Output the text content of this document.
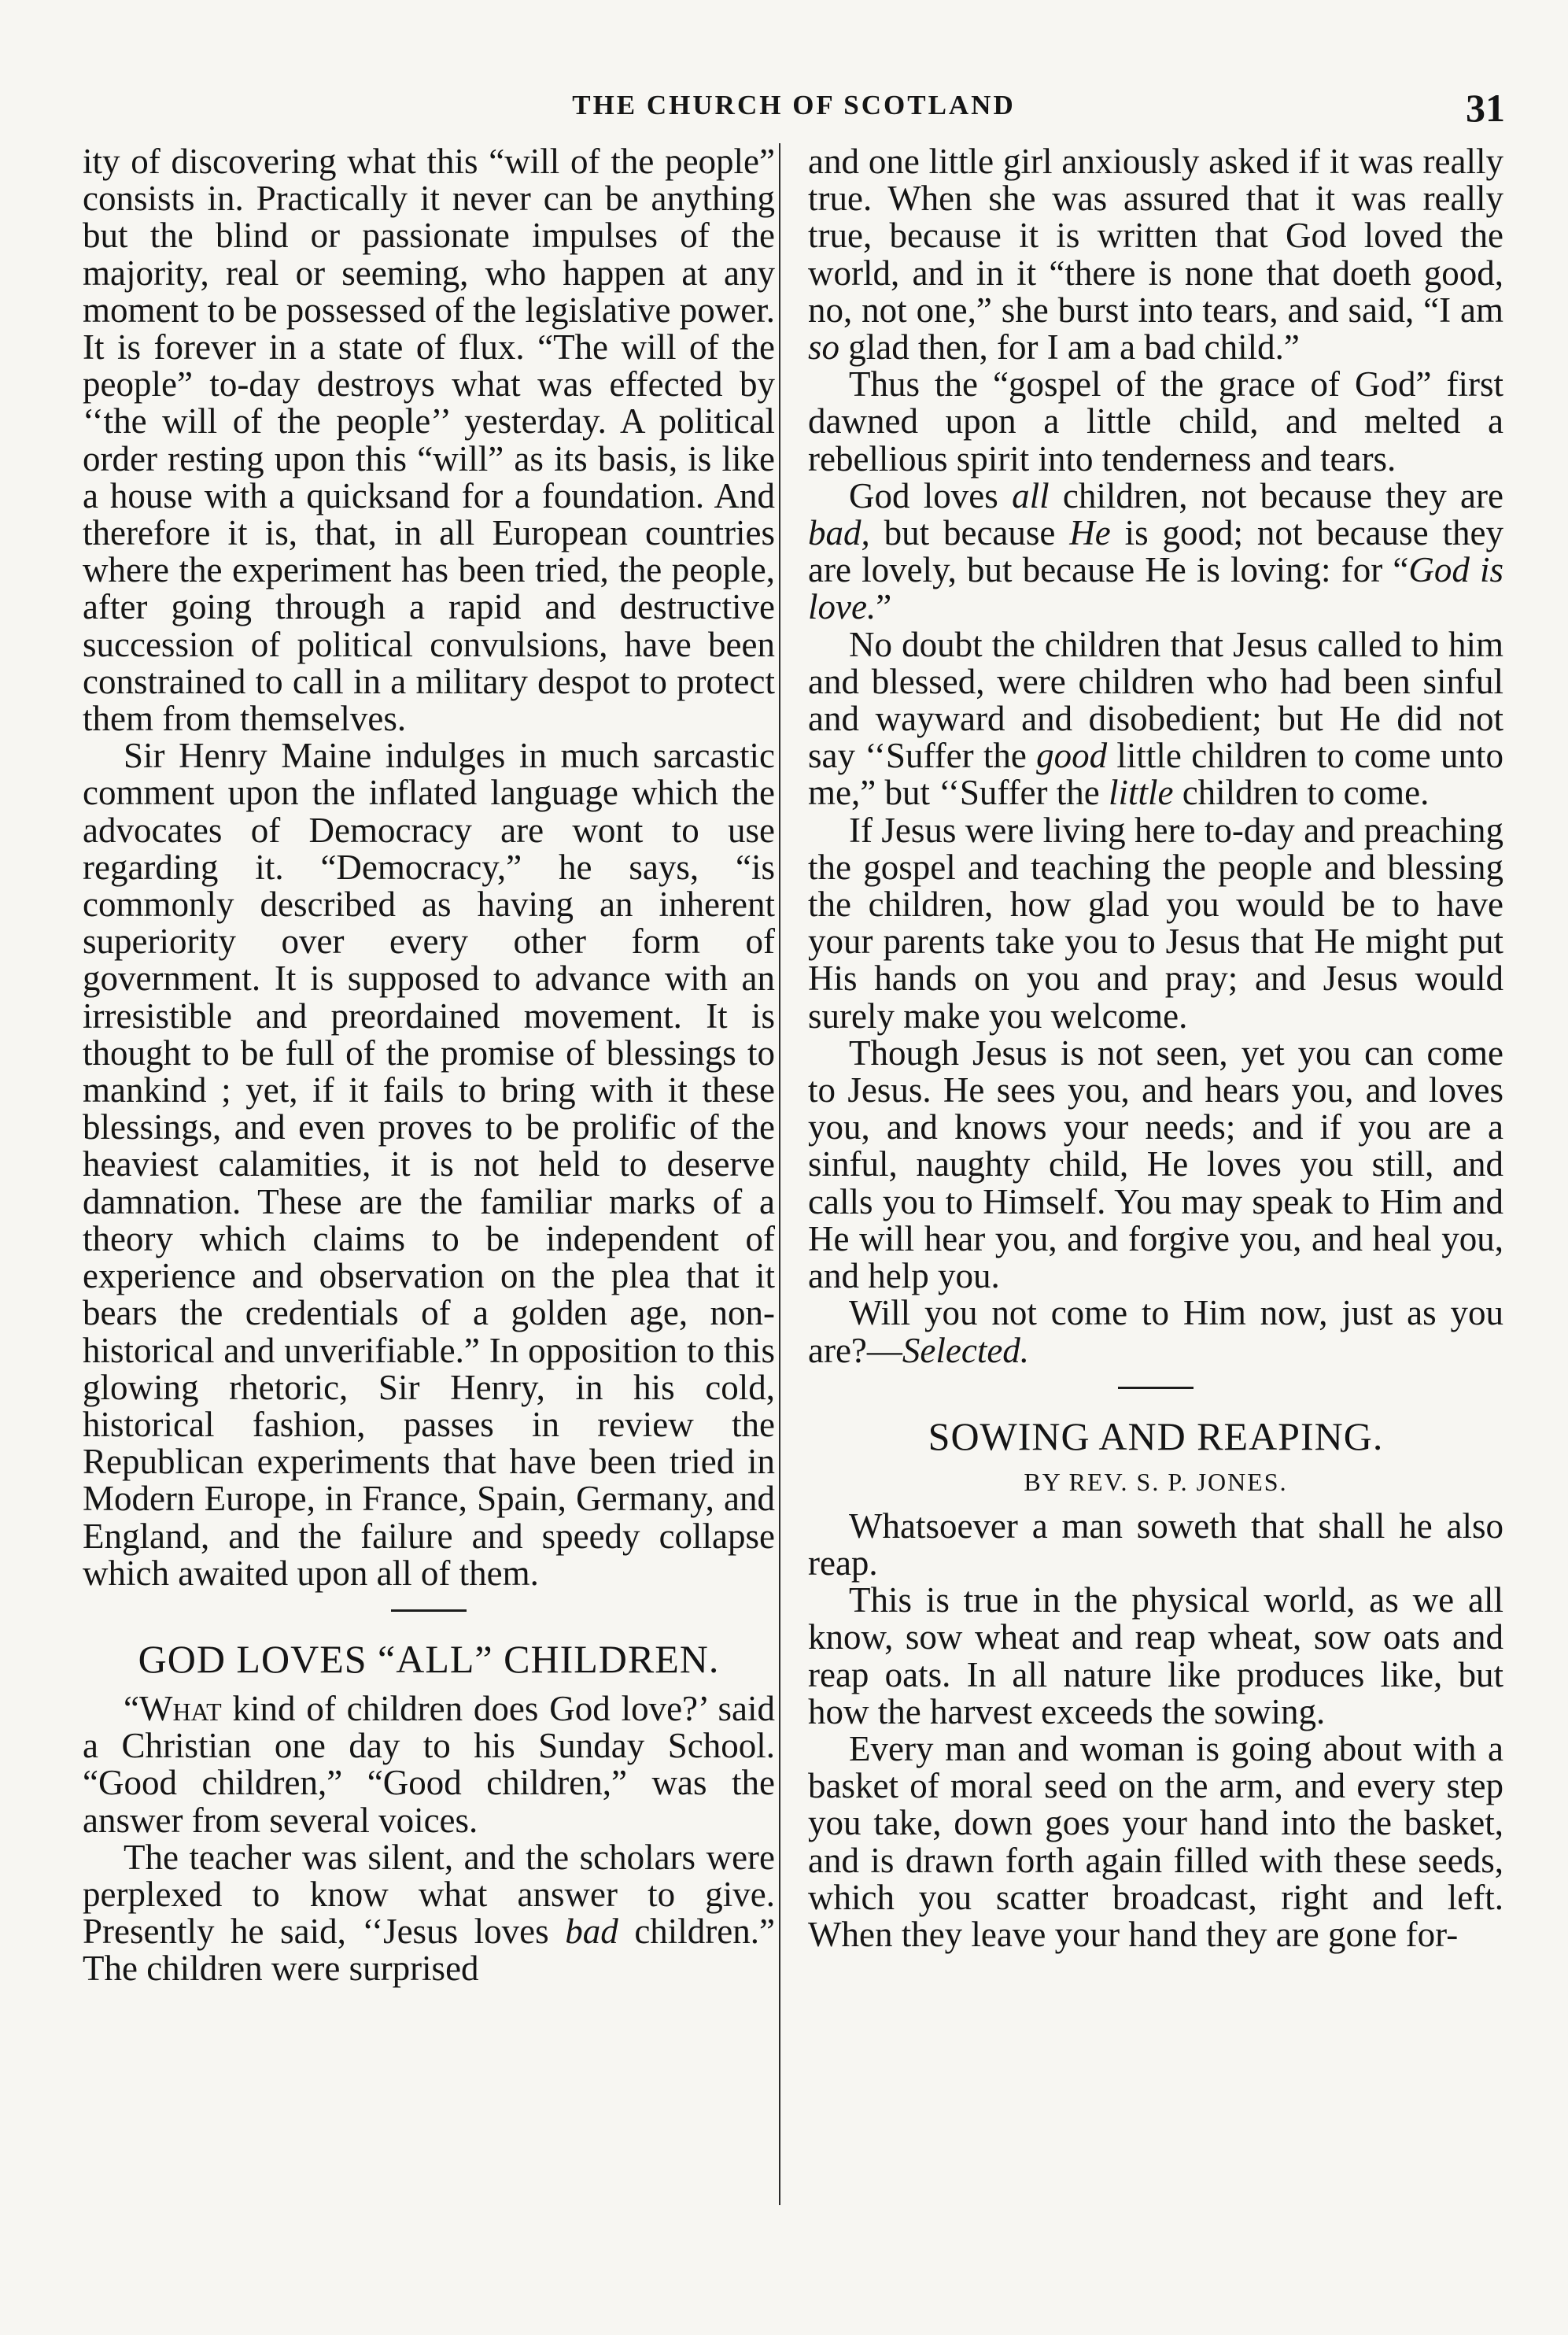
THE CHURCH OF SCOTLAND	31

ity of discovering what this “will of the people” consists in. Practically it never can be anything but the blind or passionate impulses of the majority, real or seeming, who happen at any moment to be possessed of the legislative power. It is forever in a state of flux. “The will of the people” to-day destroys what was effected by ‘‘the will of the people’’ yesterday. A political order resting upon this “will” as its basis, is like a house with a quicksand for a foundation. And therefore it is, that, in all European countries where the experiment has been tried, the people, after going through a rapid and destructive succession of political convulsions, have been constrained to call in a military despot to protect them from themselves.

Sir Henry Maine indulges in much sarcastic comment upon the inflated language which the advocates of Democracy are wont to use regarding it. “Democracy,” he says, “is commonly described as having an inherent superiority over every other form of government. It is supposed to advance with an irresistible and preordained movement. It is thought to be full of the promise of blessings to mankind ; yet, if it fails to bring with it these blessings, and even proves to be prolific of the heaviest calamities, it is not held to deserve damnation. These are the familiar marks of a theory which claims to be independent of experience and observation on the plea that it bears the credentials of a golden age, non-historical and unverifiable.” In opposition to this glowing rhetoric, Sir Henry, in his cold, historical fashion, passes in review the Republican experiments that have been tried in Modern Europe, in France, Spain, Germany, and England, and the failure and speedy collapse which awaited upon all of them.

GOD LOVES “ALL” CHILDREN.

“What kind of children does God love?’ said a Christian one day to his Sunday School. “Good children,” “Good children,” was the answer from several voices.

The teacher was silent, and the scholars were perplexed to know what answer to give. Presently he said, ‘‘Jesus loves bad children.” The children were surprised

and one little girl anxiously asked if it was really true. When she was assured that it was really true, because it is written that God loved the world, and in it “there is none that doeth good, no, not one,” she burst into tears, and said, “I am so glad then, for I am a bad child.”

Thus the “gospel of the grace of God” first dawned upon a little child, and melted a rebellious spirit into tenderness and tears.

God loves all children, not because they are bad, but because He is good; not because they are lovely, but because He is loving: for “God is love.”

No doubt the children that Jesus called to him and blessed, were children who had been sinful and wayward and disobedient; but He did not say ‘‘Suffer the good little children to come unto me,” but ‘‘Suffer the little children to come.

If Jesus were living here to-day and preaching the gospel and teaching the people and blessing the children, how glad you would be to have your parents take you to Jesus that He might put His hands on you and pray; and Jesus would surely make you welcome.

Though Jesus is not seen, yet you can come to Jesus. He sees you, and hears you, and loves you, and knows your needs; and if you are a sinful, naughty child, He loves you still, and calls you to Himself. You may speak to Him and He will hear you, and forgive you, and heal you, and help you.

Will you not come to Him now, just as you are?—Selected.

SOWING AND REAPING.
BY REV. S. P. JONES.

Whatsoever a man soweth that shall he also reap.

This is true in the physical world, as we all know, sow wheat and reap wheat, sow oats and reap oats. In all nature like produces like, but how the harvest exceeds the sowing.

Every man and woman is going about with a basket of moral seed on the arm, and every step you take, down goes your hand into the basket, and is drawn forth again filled with these seeds, which you scatter broadcast, right and left. When they leave your hand they are gone for-
